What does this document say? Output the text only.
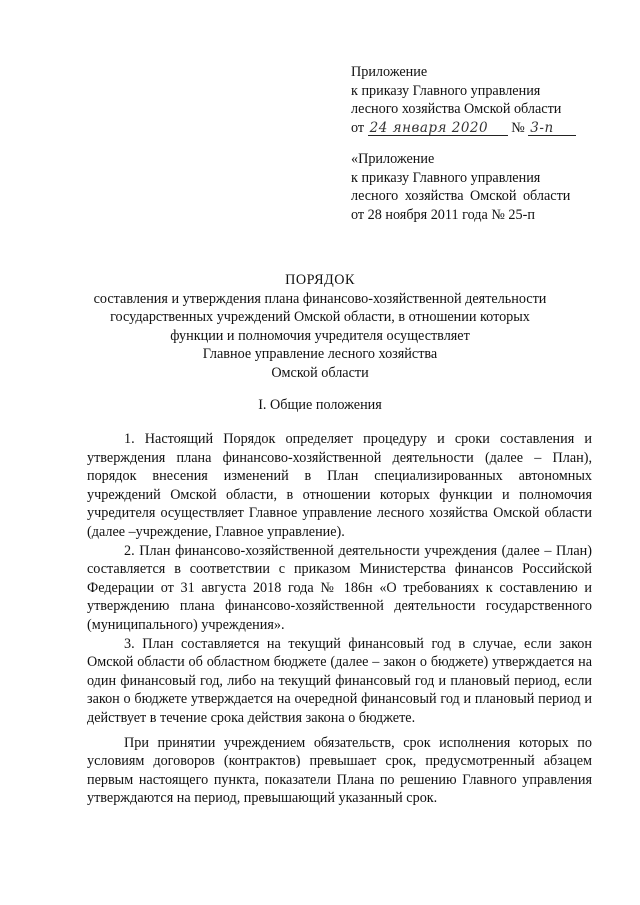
Приложение
к приказу Главного управления
лесного хозяйства Омской области
от 24 января 2020 № 3-п
«Приложение
к приказу Главного управления
лесного хозяйства Омской области
от 28 ноября 2011 года № 25-п
ПОРЯДОК
составления и утверждения плана финансово-хозяйственной деятельности
государственных учреждений Омской области, в отношении которых
функции и полномочия учредителя осуществляет
Главное управление лесного хозяйства
Омской области
I. Общие положения

1. Настоящий Порядок определяет процедуру и сроки составления и утверждения плана финансово-хозяйственной деятельности (далее – План), порядок внесения изменений в План специализированных автономных учреждений Омской области, в отношении которых функции и полномочия учредителя осуществляет Главное управление лесного хозяйства Омской области (далее –учреждение, Главное управление).

2. План финансово-хозяйственной деятельности учреждения (далее – План) составляется в соответствии с приказом Министерства финансов Российской Федерации от 31 августа 2018 года № 186н «О требованиях к составлению и утверждению плана финансово-хозяйственной деятельности государственного (муниципального) учреждения».

3. План составляется на текущий финансовый год в случае, если закон Омской области об областном бюджете (далее – закон о бюджете) утверждается на один финансовый год, либо на текущий финансовый год и плановый период, если закон о бюджете утверждается на очередной финансовый год и плановый период и действует в течение срока действия закона о бюджете.

При принятии учреждением обязательств, срок исполнения которых по условиям договоров (контрактов) превышает срок, предусмотренный абзацем первым настоящего пункта, показатели Плана по решению Главного управления утверждаются на период, превышающий указанный срок.
